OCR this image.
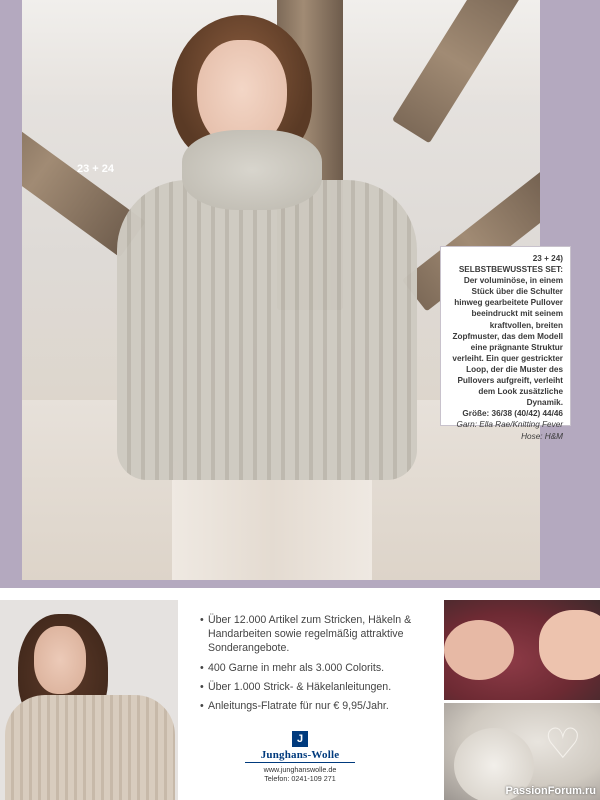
23 + 24
23 + 24) SELBSTBEWUSSTES SET: Der voluminöse, in einem Stück über die Schulter hinweg gearbeitete Pullover beeindruckt mit seinem kraftvollen, breiten Zopfmuster, das dem Modell eine prägnante Struktur verleiht. Ein quer gestrickter Loop, der die Muster des Pullovers aufgreift, verleiht dem Look zusätzliche Dynamik.
Größe: 36/38 (40/42) 44/46
Garn: Ella Rae/Knitting Fever
Hose: H&M
• Über 12.000 Artikel zum Stricken, Häkeln & Handarbeiten sowie regelmäßig attraktive Sonderangebote.
• 400 Garne in mehr als 3.000 Colorits.
• Über 1.000 Strick- & Häkelanleitungen.
• Anleitungs-Flatrate für nur € 9,95/Jahr.
J
Junghans-Wolle
www.junghanswolle.de
Telefon: 0241-109 271
♡
PassionForum.ru
